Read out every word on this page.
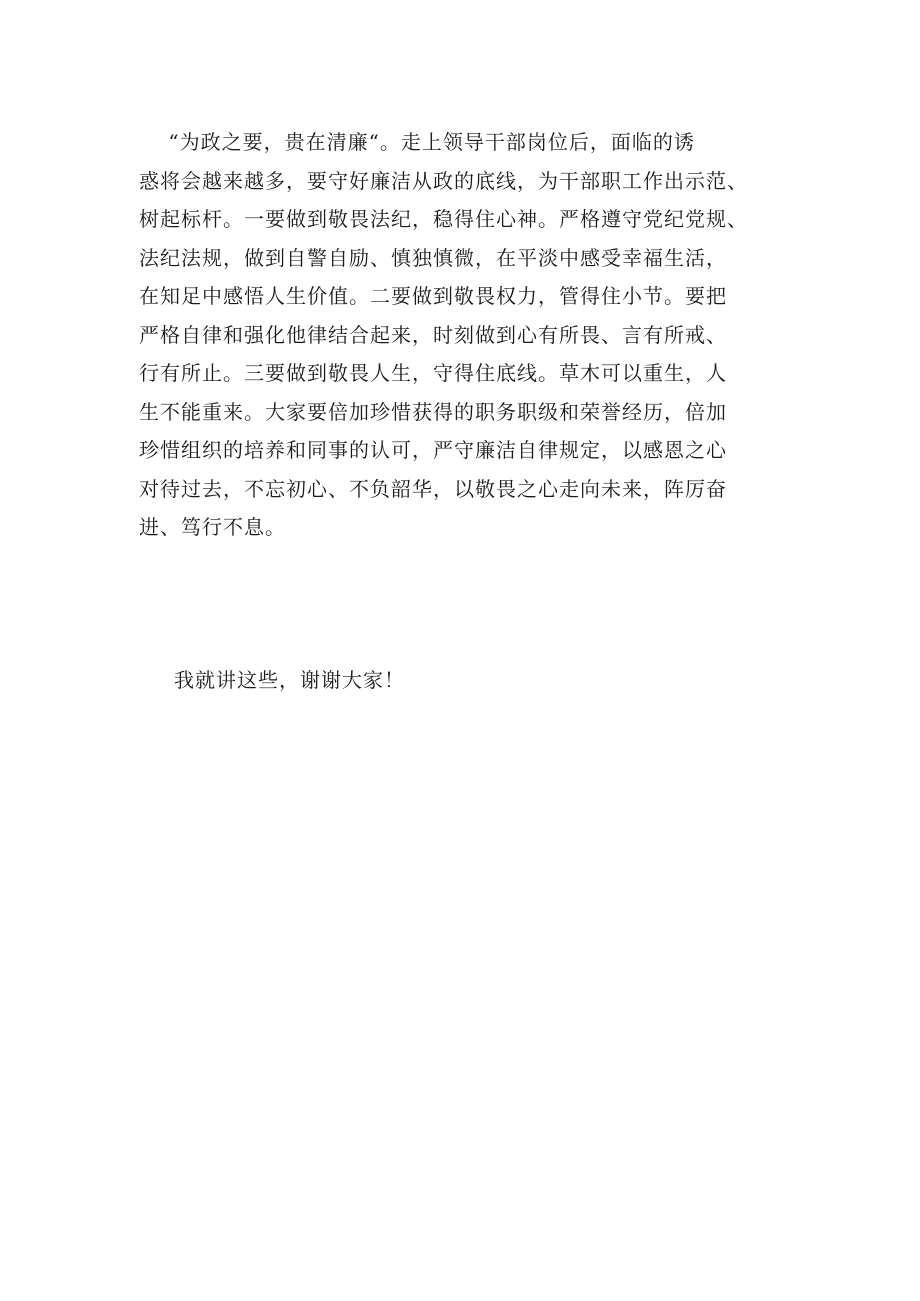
“为政之要，贵在清廉“。走上领导干部岗位后，面临的诱
惑将会越来越多，要守好廉洁从政的底线，为干部职工作出示范、
树起标杆。一要做到敬畏法纪，稳得住心神。严格遵守党纪党规、
法纪法规，做到自警自励、慎独慎微，在平淡中感受幸福生活，
在知足中感悟人生价值。二要做到敬畏权力，管得住小节。要把
严格自律和强化他律结合起来，时刻做到心有所畏、言有所戒、
行有所止。三要做到敬畏人生，守得住底线。草木可以重生，人
生不能重来。大家要倍加珍惜获得的职务职级和荣誉经历，倍加
珍惜组织的培养和同事的认可，严守廉洁自律规定，以感恩之心
对待过去，不忘初心、不负韶华，以敬畏之心走向未来，阵厉奋
进、笃行不息。
我就讲这些，谢谢大家！
